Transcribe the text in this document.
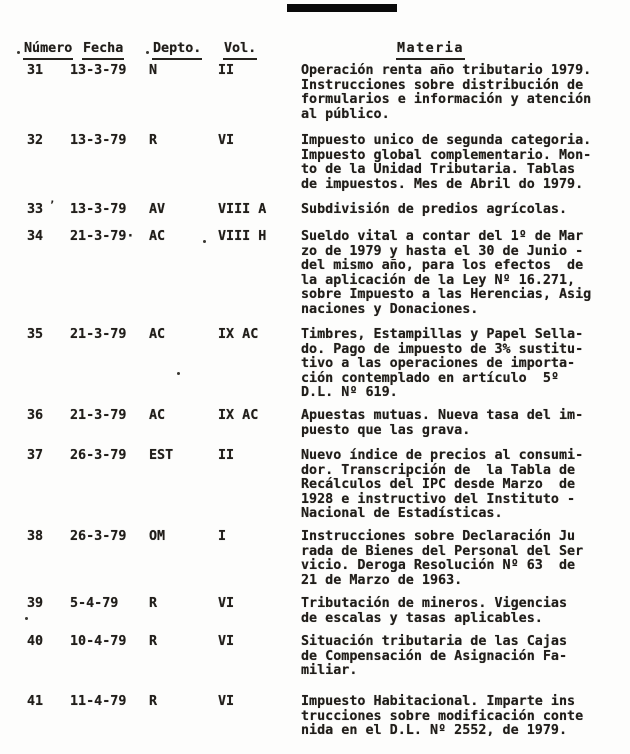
Número Fecha Depto. Vol.	Materia
31 13-3-79 N	II	Operación renta año tributario 1979.
Instrucciones sobre distribución de
formularios e información y atención
al público.
32 13-3-79 R	VI	Impuesto unico de segunda categoria.
Impuesto global complementario. Mon-
to de la Unidad Tributaria. Tablas
de impuestos. Mes de Abril do 1979.
33 ’ 13-3-79 AV	VIII A	Subdivisión de predios agrícolas.
34 21-3-79· AC	VIII H	Sueldo vital a contar del 1º de Mar
zo de 1979 y hasta el 30 de Junio -
del mismo año, para los efectos  de
la aplicación de la Ley Nº 16.271,
sobre Impuesto a las Herencias, Asig
naciones y Donaciones.
35 21-3-79 AC	IX AC	Timbres, Estampillas y Papel Sella-
do. Pago de impuesto de 3% sustitu-
tivo a las operaciones de importa-
ción contemplado en artículo  5º
D.L. Nº 619.
36 21-3-79 AC	IX AC	Apuestas mutuas. Nueva tasa del im-
puesto que las grava.
37 26-3-79 EST	II	Nuevo índice de precios al consumi-
dor. Transcripción de  la Tabla de
Recálculos del IPC desde Marzo  de
1928 e instructivo del Instituto -
Nacional de Estadísticas.
38 26-3-79 OM	I	Instrucciones sobre Declaración Ju
rada de Bienes del Personal del Ser
vicio. Deroga Resolución Nº 63  de
21 de Marzo de 1963.
39 5-4-79 R	VI	Tributación de mineros. Vigencias
de escalas y tasas aplicables.
40 10-4-79 R	VI	Situación tributaria de las Cajas
de Compensación de Asignación Fa-
miliar.
41 11-4-79 R	VI	Impuesto Habitacional. Imparte ins
trucciones sobre modificación conte
nida en el D.L. Nº 2552, de 1979.
